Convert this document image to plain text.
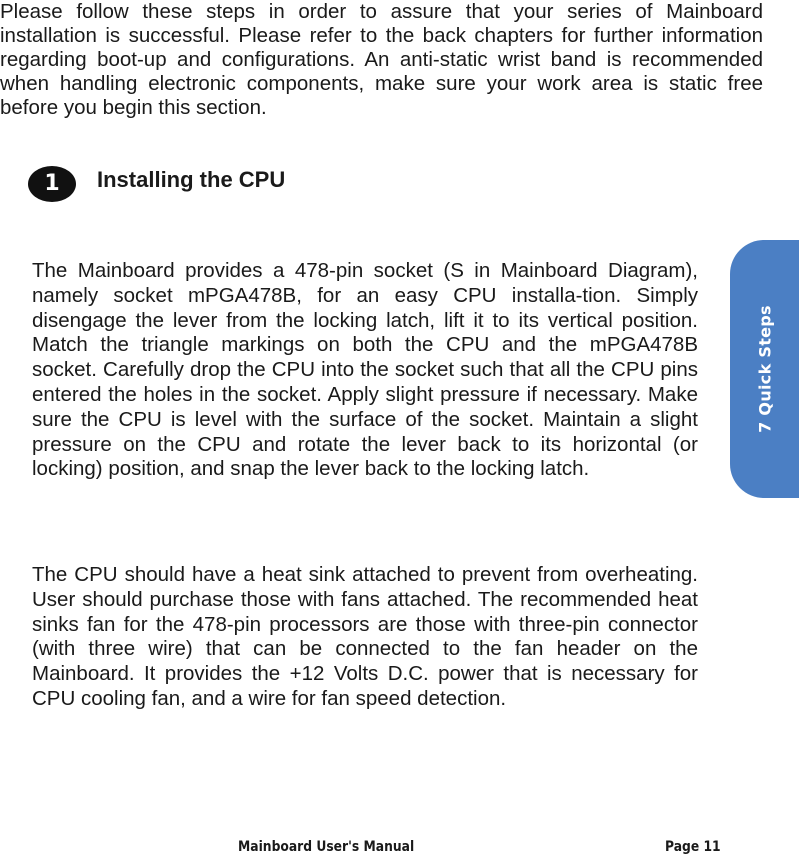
Please follow these steps in order to assure that your series of Mainboard installation is successful. Please refer to the back chapters for further information regarding boot-up and configurations. An anti-static wrist band is recommended when handling electronic components, make sure your work area is static free before you begin this section.

1	Installing the CPU

The Mainboard provides a 478-pin socket (S in Mainboard Diagram), namely socket mPGA478B, for an easy CPU installa-tion. Simply disengage the lever from the locking latch, lift it to its vertical position. Match the triangle markings on both the CPU and the mPGA478B socket. Carefully drop the CPU into the socket such that all the CPU pins entered the holes in the socket. Apply slight pressure if necessary. Make sure the CPU is level with the surface of the socket. Maintain a slight pressure on the CPU and rotate the lever back to its horizontal (or locking) position, and snap the lever back to the locking latch.

The CPU should have a heat sink attached to prevent from overheating. User should purchase those with fans attached. The recommended heat sinks fan for the 478-pin processors are those with three-pin connector (with three wire) that can be connected to the fan header on the Mainboard. It provides the +12 Volts D.C. power that is necessary for CPU cooling fan, and a wire for fan speed detection.

7 Quick Steps

Mainboard User's Manual	Page 11
